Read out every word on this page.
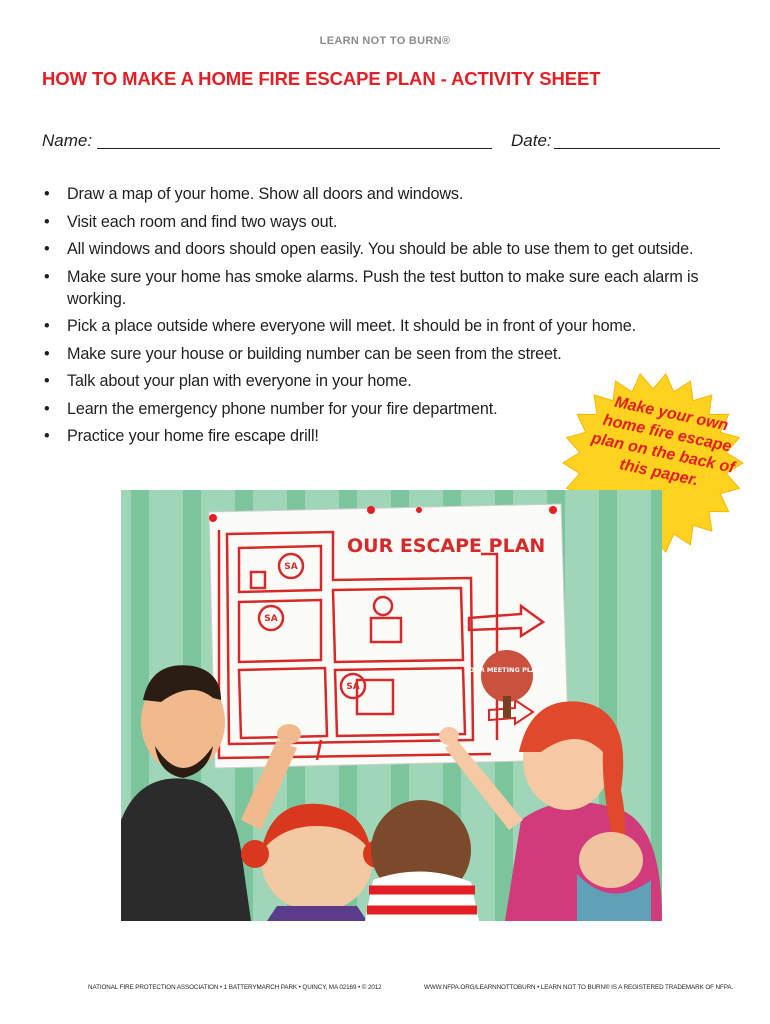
LEARN NOT TO BURN®
HOW TO MAKE A HOME FIRE ESCAPE PLAN - ACTIVITY SHEET
Name:	Date:
• Draw a map of your home. Show all doors and windows.
• Visit each room and find two ways out.
• All windows and doors should open easily. You should be able to use them to get outside.
• Make sure your home has smoke alarms. Push the test button to make sure each alarm is working.
• Pick a place outside where everyone will meet. It should be in front of your home.
• Make sure your house or building number can be seen from the street.
• Talk about your plan with everyone in your home.
• Learn the emergency phone number for your fire department.
• Practice your home fire escape drill!
Make your own home fire escape plan on the back of this paper.
SA
SA
SA
OUR ESCAPE PLAN
OUR MEETING PLACE
NATIONAL FIRE PROTECTION ASSOCIATION • 1 BATTERYMARCH PARK • QUINCY, MA 02169 • © 2012	WWW.NFPA.ORG/LEARNNOTTOBURN • LEARN NOT TO BURN® IS A REGISTERED TRADEMARK OF NFPA.
